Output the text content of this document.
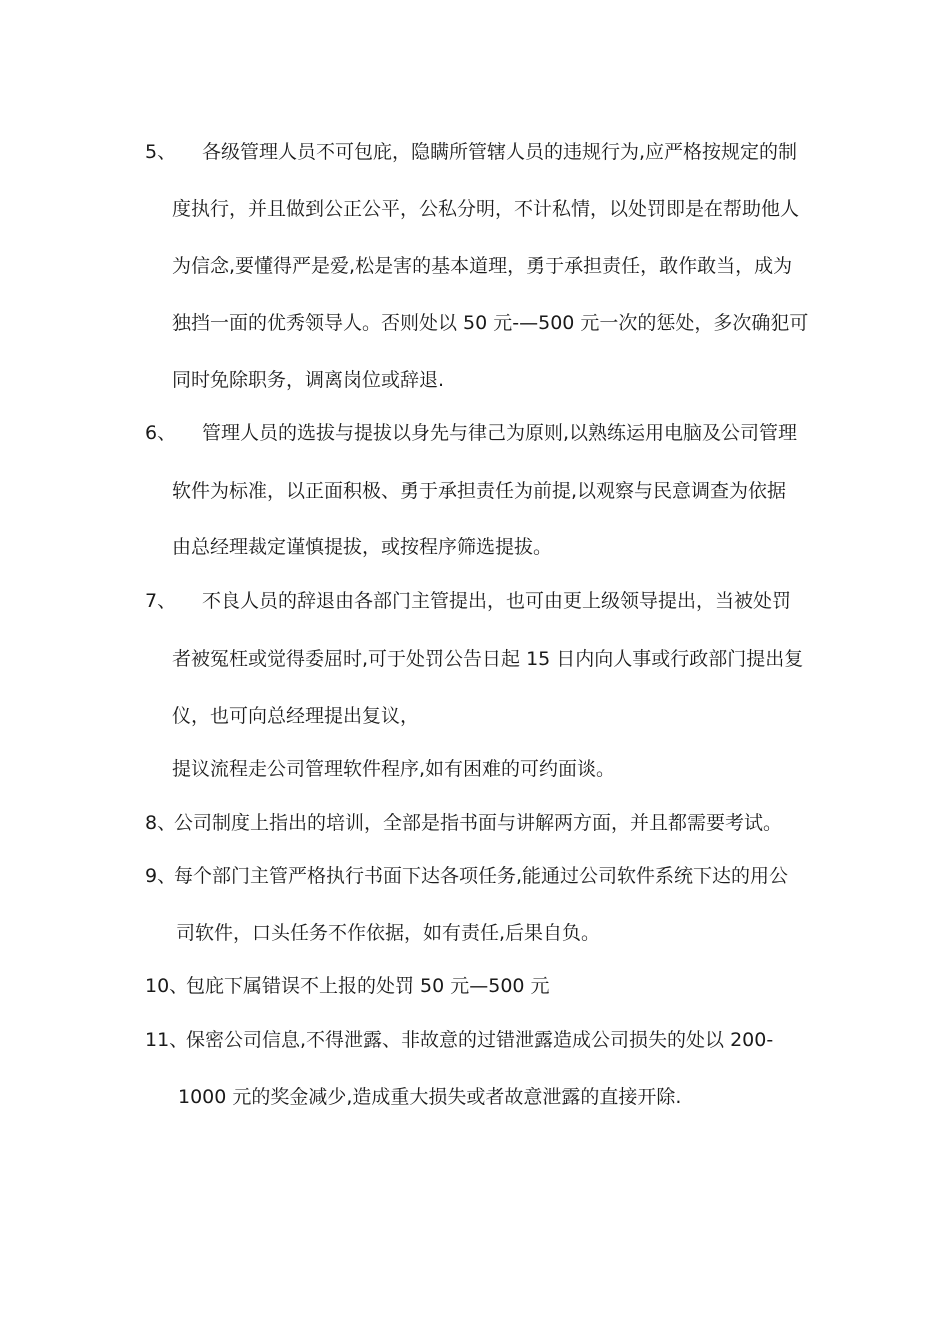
5、 各级管理人员不可包庇，隐瞒所管辖人员的违规行为,应严格按规定的制
度执行，并且做到公正公平，公私分明，不计私情，以处罚即是在帮助他人
为信念,要懂得严是爱,松是害的基本道理，勇于承担责任，敢作敢当，成为
独挡一面的优秀领导人。否则处以 50 元-—500 元一次的惩处，多次确犯可
同时免除职务，调离岗位或辞退.
6、 管理人员的选拔与提拔以身先与律己为原则,以熟练运用电脑及公司管理
软件为标准，以正面积极、勇于承担责任为前提,以观察与民意调查为依据
由总经理裁定谨慎提拔，或按程序筛选提拔。
7、 不良人员的辞退由各部门主管提出，也可由更上级领导提出，当被处罚
者被冤枉或觉得委屈时,可于处罚公告日起 15 日内向人事或行政部门提出复
仪，也可向总经理提出复议，
提议流程走公司管理软件程序,如有困难的可约面谈。
8、
公司制度上指出的培训，全部是指书面与讲解两方面，并且都需要考试。
9、
每个部门主管严格执行书面下达各项任务,能通过公司软件系统下达的用公
司软件，口头任务不作依据，如有责任,后果自负。
10、
包庇下属错误不上报的处罚 50 元—500 元
11、
保密公司信息,不得泄露、非故意的过错泄露造成公司损失的处以 200-
1000 元的奖金减少,造成重大损失或者故意泄露的直接开除.
